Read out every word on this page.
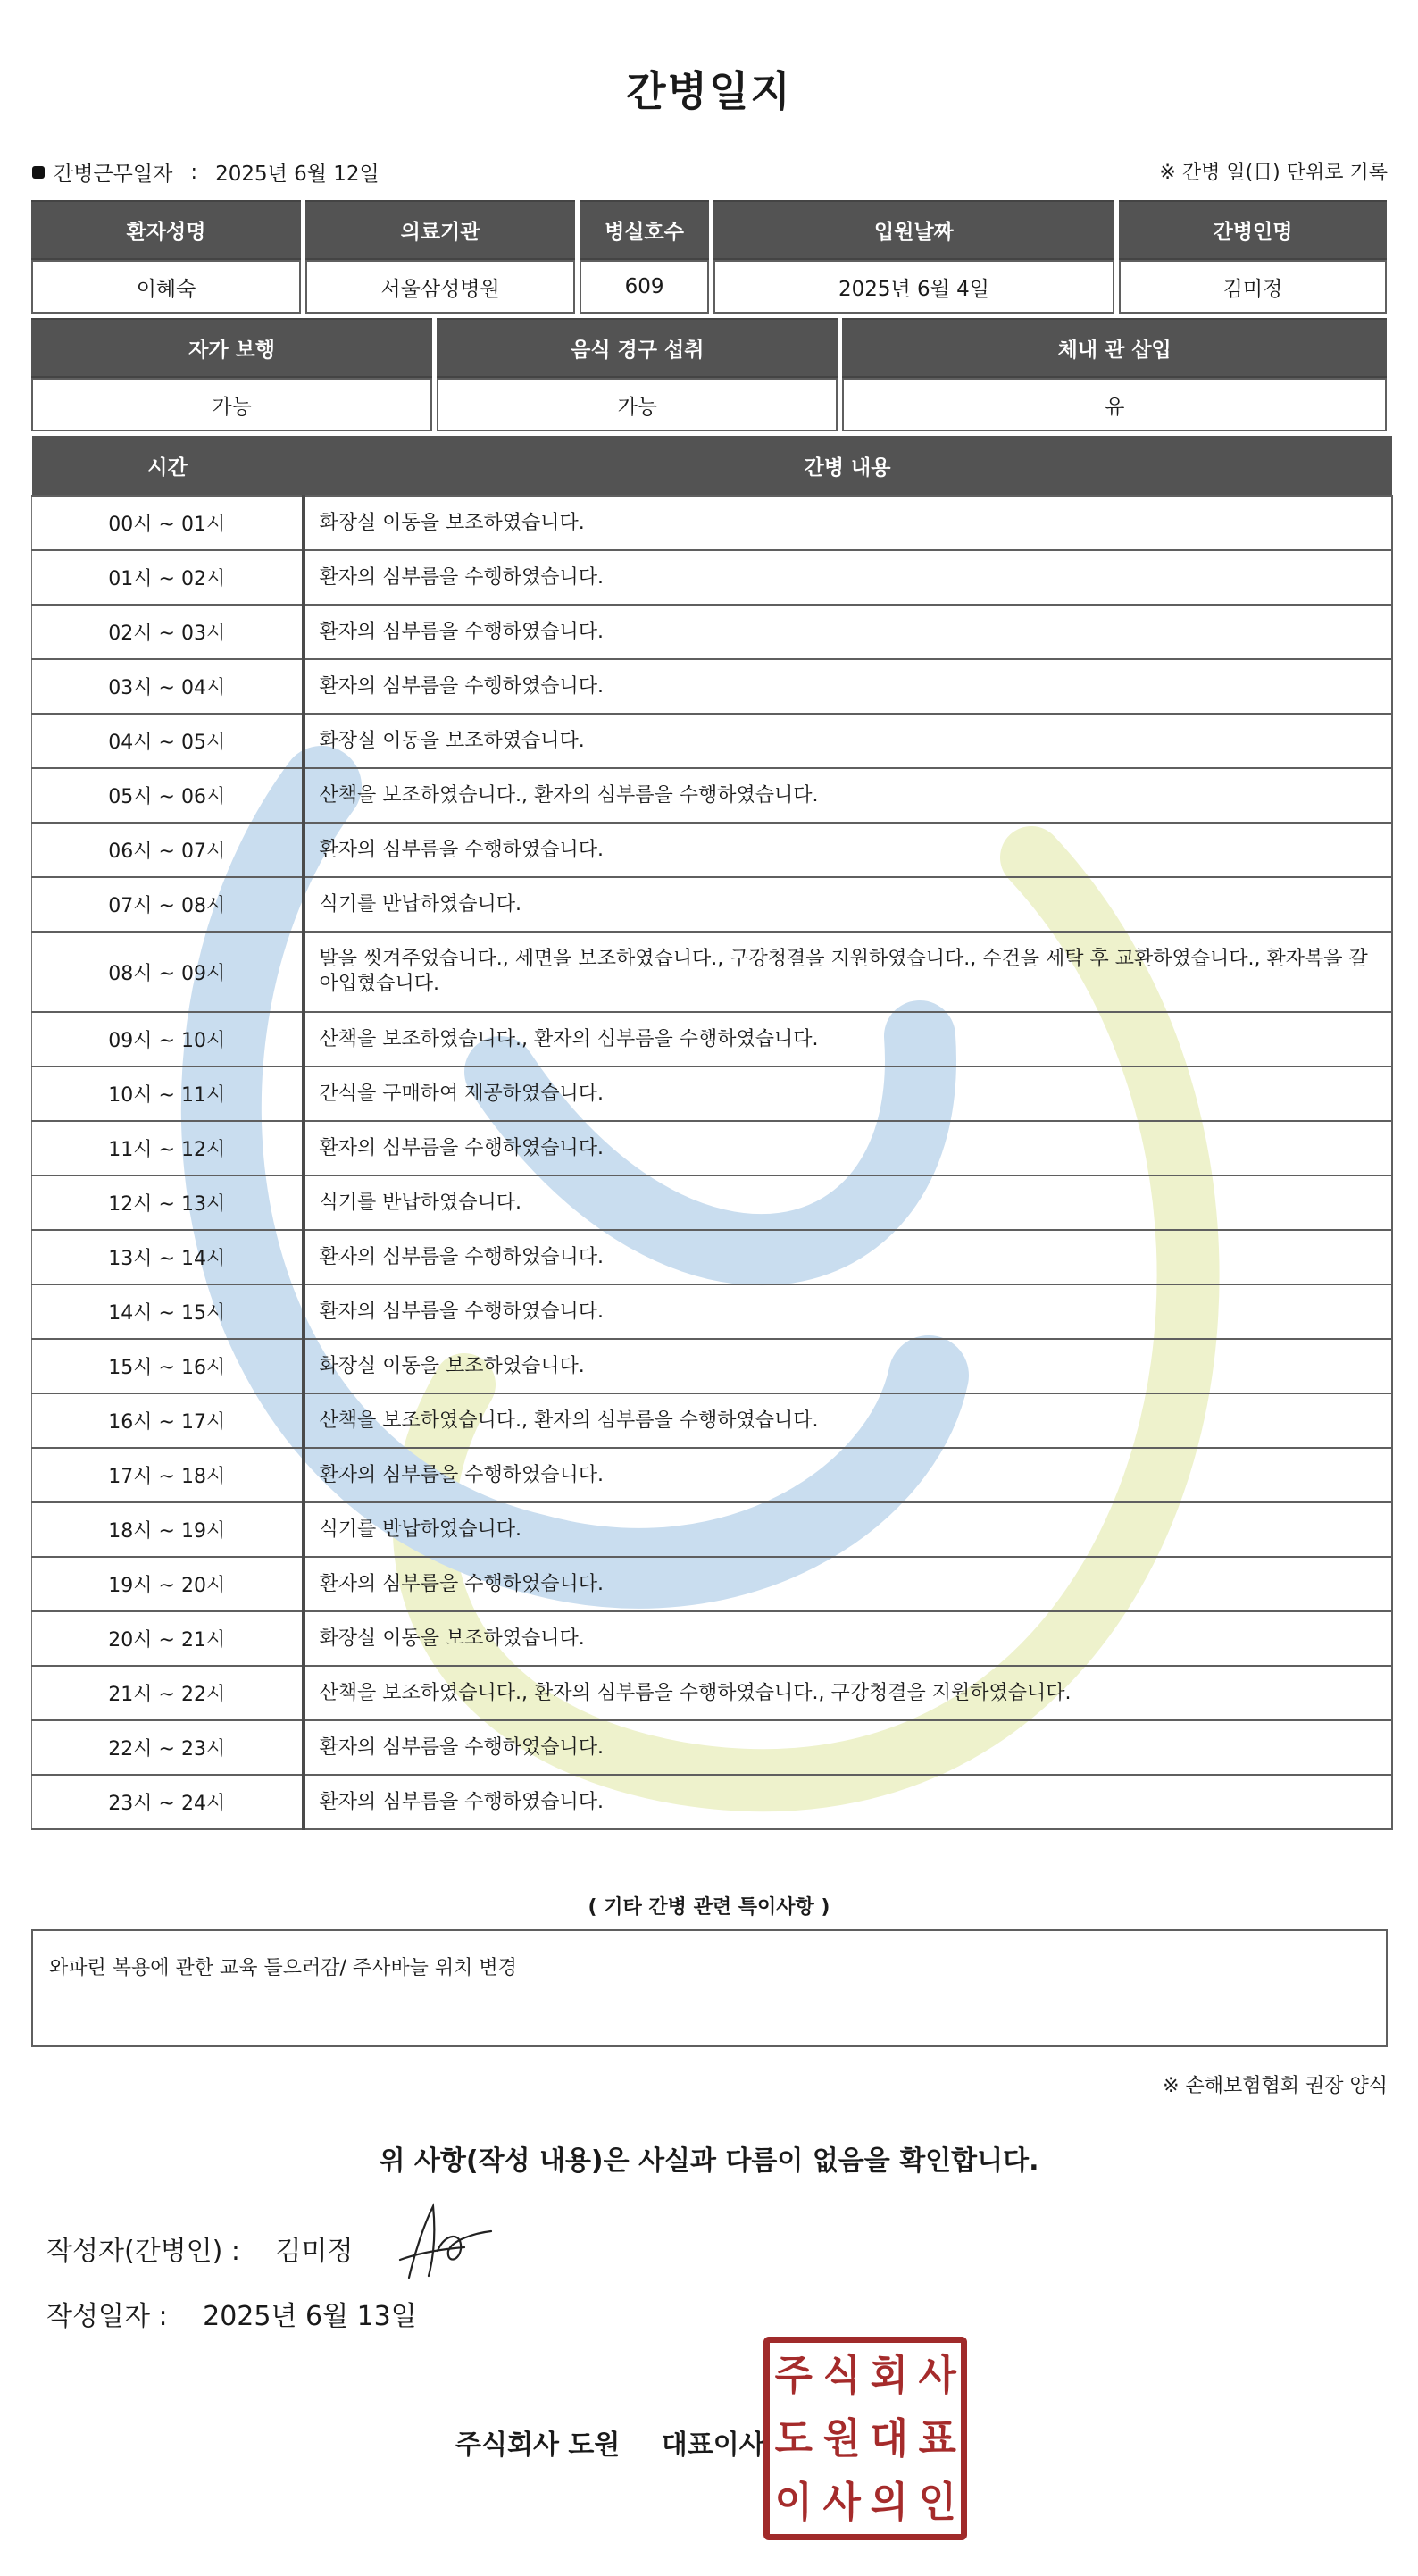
간병일지
간병근무일자 : 2025년 6월 12일	※ 간병 일(日) 단위로 기록
환자성명	의료기관	병실호수	입원날짜	간병인명
이혜숙	서울삼성병원	609	2025년 6월 4일	김미정
자가 보행	음식 경구 섭취	체내 관 삽입
가능	가능	유
시간	간병 내용
00시 ~ 01시	화장실 이동을 보조하였습니다.
01시 ~ 02시	환자의 심부름을 수행하였습니다.
02시 ~ 03시	환자의 심부름을 수행하였습니다.
03시 ~ 04시	환자의 심부름을 수행하였습니다.
04시 ~ 05시	화장실 이동을 보조하였습니다.
05시 ~ 06시	산책을 보조하였습니다., 환자의 심부름을 수행하였습니다.
06시 ~ 07시	환자의 심부름을 수행하였습니다.
07시 ~ 08시	식기를 반납하였습니다.
08시 ~ 09시	발을 씻겨주었습니다., 세면을 보조하였습니다., 구강청결을 지원하였습니다., 수건을 세탁 후 교환하였습니다., 환자복을 갈아입혔습니다.
09시 ~ 10시	산책을 보조하였습니다., 환자의 심부름을 수행하였습니다.
10시 ~ 11시	간식을 구매하여 제공하였습니다.
11시 ~ 12시	환자의 심부름을 수행하였습니다.
12시 ~ 13시	식기를 반납하였습니다.
13시 ~ 14시	환자의 심부름을 수행하였습니다.
14시 ~ 15시	환자의 심부름을 수행하였습니다.
15시 ~ 16시	화장실 이동을 보조하였습니다.
16시 ~ 17시	산책을 보조하였습니다., 환자의 심부름을 수행하였습니다.
17시 ~ 18시	환자의 심부름을 수행하였습니다.
18시 ~ 19시	식기를 반납하였습니다.
19시 ~ 20시	환자의 심부름을 수행하였습니다.
20시 ~ 21시	화장실 이동을 보조하였습니다.
21시 ~ 22시	산책을 보조하였습니다., 환자의 심부름을 수행하였습니다., 구강청결을 지원하였습니다.
22시 ~ 23시	환자의 심부름을 수행하였습니다.
23시 ~ 24시	환자의 심부름을 수행하였습니다.
( 기타 간병 관련 특이사항 )
와파린 복용에 관한 교육 들으러감/ 주사바늘 위치 변경
※ 손해보험협회 권장 양식
위 사항(작성 내용)은 사실과 다름이 없음을 확인합니다.
작성자(간병인) : 김미정
작성일자 : 2025년 6월 13일
주식회사 도원 대표이사
주 식 회 사
도 원 대 표
이 사 의 인
